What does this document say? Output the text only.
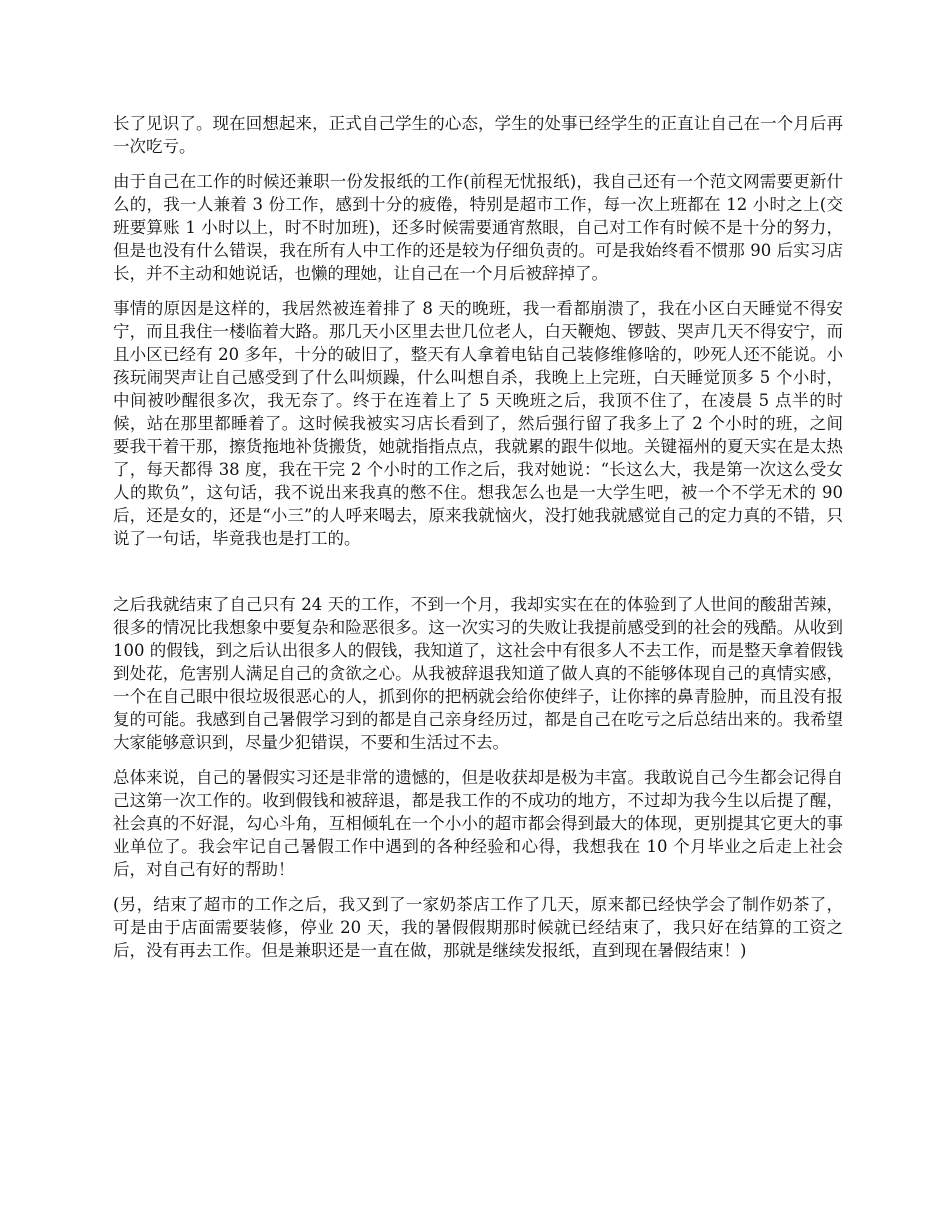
长了见识了。现在回想起来，正式自己学生的心态，学生的处事已经学生的正直让自己在一个月后再一次吃亏。

由于自己在工作的时候还兼职一份发报纸的工作(前程无忧报纸)，我自己还有一个范文网需要更新什么的，我一人兼着 3 份工作，感到十分的疲倦，特别是超市工作，每一次上班都在 12 小时之上(交班要算账 1 小时以上，时不时加班)，还多时候需要通宵熬眼，自己对工作有时候不是十分的努力，但是也没有什么错误，我在所有人中工作的还是较为仔细负责的。可是我始终看不惯那 90 后实习店长，并不主动和她说话，也懒的理她，让自己在一个月后被辞掉了。

事情的原因是这样的，我居然被连着排了 8 天的晚班，我一看都崩溃了，我在小区白天睡觉不得安宁，而且我住一楼临着大路。那几天小区里去世几位老人，白天鞭炮、锣鼓、哭声几天不得安宁，而且小区已经有 20 多年，十分的破旧了，整天有人拿着电钻自己装修维修啥的，吵死人还不能说。小孩玩闹哭声让自己感受到了什么叫烦躁，什么叫想自杀，我晚上上完班，白天睡觉顶多 5 个小时，中间被吵醒很多次，我无奈了。终于在连着上了 5 天晚班之后，我顶不住了，在凌晨 5 点半的时候，站在那里都睡着了。这时候我被实习店长看到了，然后强行留了我多上了 2 个小时的班，之间要我干着干那，擦货拖地补货搬货，她就指指点点，我就累的跟牛似地。关键福州的夏天实在是太热了，每天都得 38 度，我在干完 2 个小时的工作之后，我对她说：“长这么大，我是第一次这么受女人的欺负”，这句话，我不说出来我真的憋不住。想我怎么也是一大学生吧，被一个不学无术的 90 后，还是女的，还是“小三”的人呼来喝去，原来我就恼火，没打她我就感觉自己的定力真的不错，只说了一句话，毕竟我也是打工的。

之后我就结束了自己只有 24 天的工作，不到一个月，我却实实在在的体验到了人世间的酸甜苦辣，很多的情况比我想象中要复杂和险恶很多。这一次实习的失败让我提前感受到的社会的残酷。从收到 100 的假钱，到之后认出很多人的假钱，我知道了，这社会中有很多人不去工作，而是整天拿着假钱到处花，危害别人满足自己的贪欲之心。从我被辞退我知道了做人真的不能够体现自己的真情实感，一个在自己眼中很垃圾很恶心的人，抓到你的把柄就会给你使绊子，让你摔的鼻青脸肿，而且没有报复的可能。我感到自己暑假学习到的都是自己亲身经历过，都是自己在吃亏之后总结出来的。我希望大家能够意识到，尽量少犯错误，不要和生活过不去。

总体来说，自己的暑假实习还是非常的遗憾的，但是收获却是极为丰富。我敢说自己今生都会记得自己这第一次工作的。收到假钱和被辞退，都是我工作的不成功的地方，不过却为我今生以后提了醒，社会真的不好混，勾心斗角，互相倾轧在一个小小的超市都会得到最大的体现，更别提其它更大的事业单位了。我会牢记自己暑假工作中遇到的各种经验和心得，我想我在 10 个月毕业之后走上社会后，对自己有好的帮助！

(另，结束了超市的工作之后，我又到了一家奶茶店工作了几天，原来都已经快学会了制作奶茶了，可是由于店面需要装修，停业 20 天，我的暑假假期那时候就已经结束了，我只好在结算的工资之后，没有再去工作。但是兼职还是一直在做，那就是继续发报纸，直到现在暑假结束！)
